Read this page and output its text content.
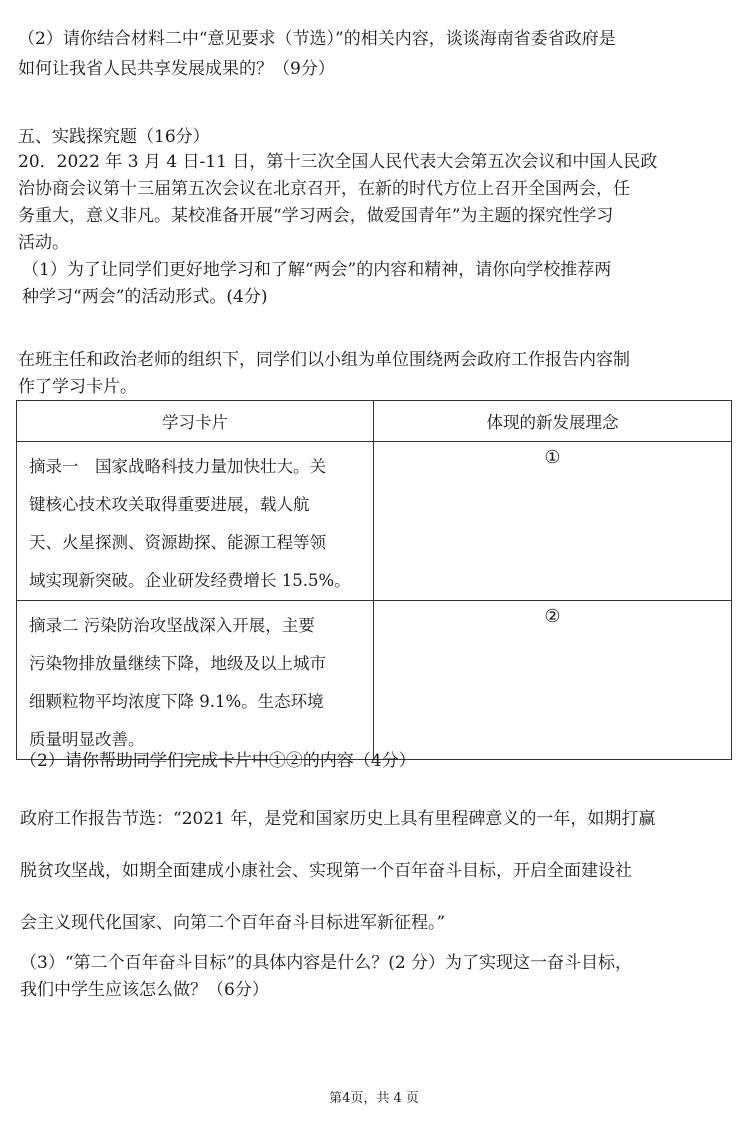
（2）请你结合材料二中“意见要求（节选）”的相关内容，谈谈海南省委省政府是
如何让我省人民共享发展成果的？（9分）
五、实践探究题（16分）
20．2022 年 3 月 4 日-11 日，第十三次全国人民代表大会第五次会议和中国人民政
治协商会议第十三届第五次会议在北京召开，在新的时代方位上召开全国两会，任
务重大，意义非凡。某校准备开展“学习两会，做爱国青年”为主题的探究性学习
活动。
（1）为了让同学们更好地学习和了解“两会”的内容和精神，请你向学校推荐两
种学习“两会”的活动形式。(4分)
在班主任和政治老师的组织下，同学们以小组为单位围绕两会政府工作报告内容制
作了学习卡片。
学习卡片	体现的新发展理念

摘录一　国家战略科技力量加快壮大。关
键核心技术攻关取得重要进展，载人航
天、火星探测、资源勘探、能源工程等领
域实现新突破。企业研发经费增长 15.5%。	①

摘录二 污染防治攻坚战深入开展，主要
污染物排放量继续下降，地级及以上城市
细颗粒物平均浓度下降 9.1%。生态环境
质量明显改善。	②
（2）请你帮助同学们完成卡片中①②的内容（4分）
政府工作报告节选：“2021 年，是党和国家历史上具有里程碑意义的一年，如期打赢
脱贫攻坚战，如期全面建成小康社会、实现第一个百年奋斗目标，开启全面建设社
会主义现代化国家、向第二个百年奋斗目标进军新征程。”
（3）“第二个百年奋斗目标”的具体内容是什么？(2 分）为了实现这一奋斗目标，
我们中学生应该怎么做？（6分）
第4页，共 4 页
